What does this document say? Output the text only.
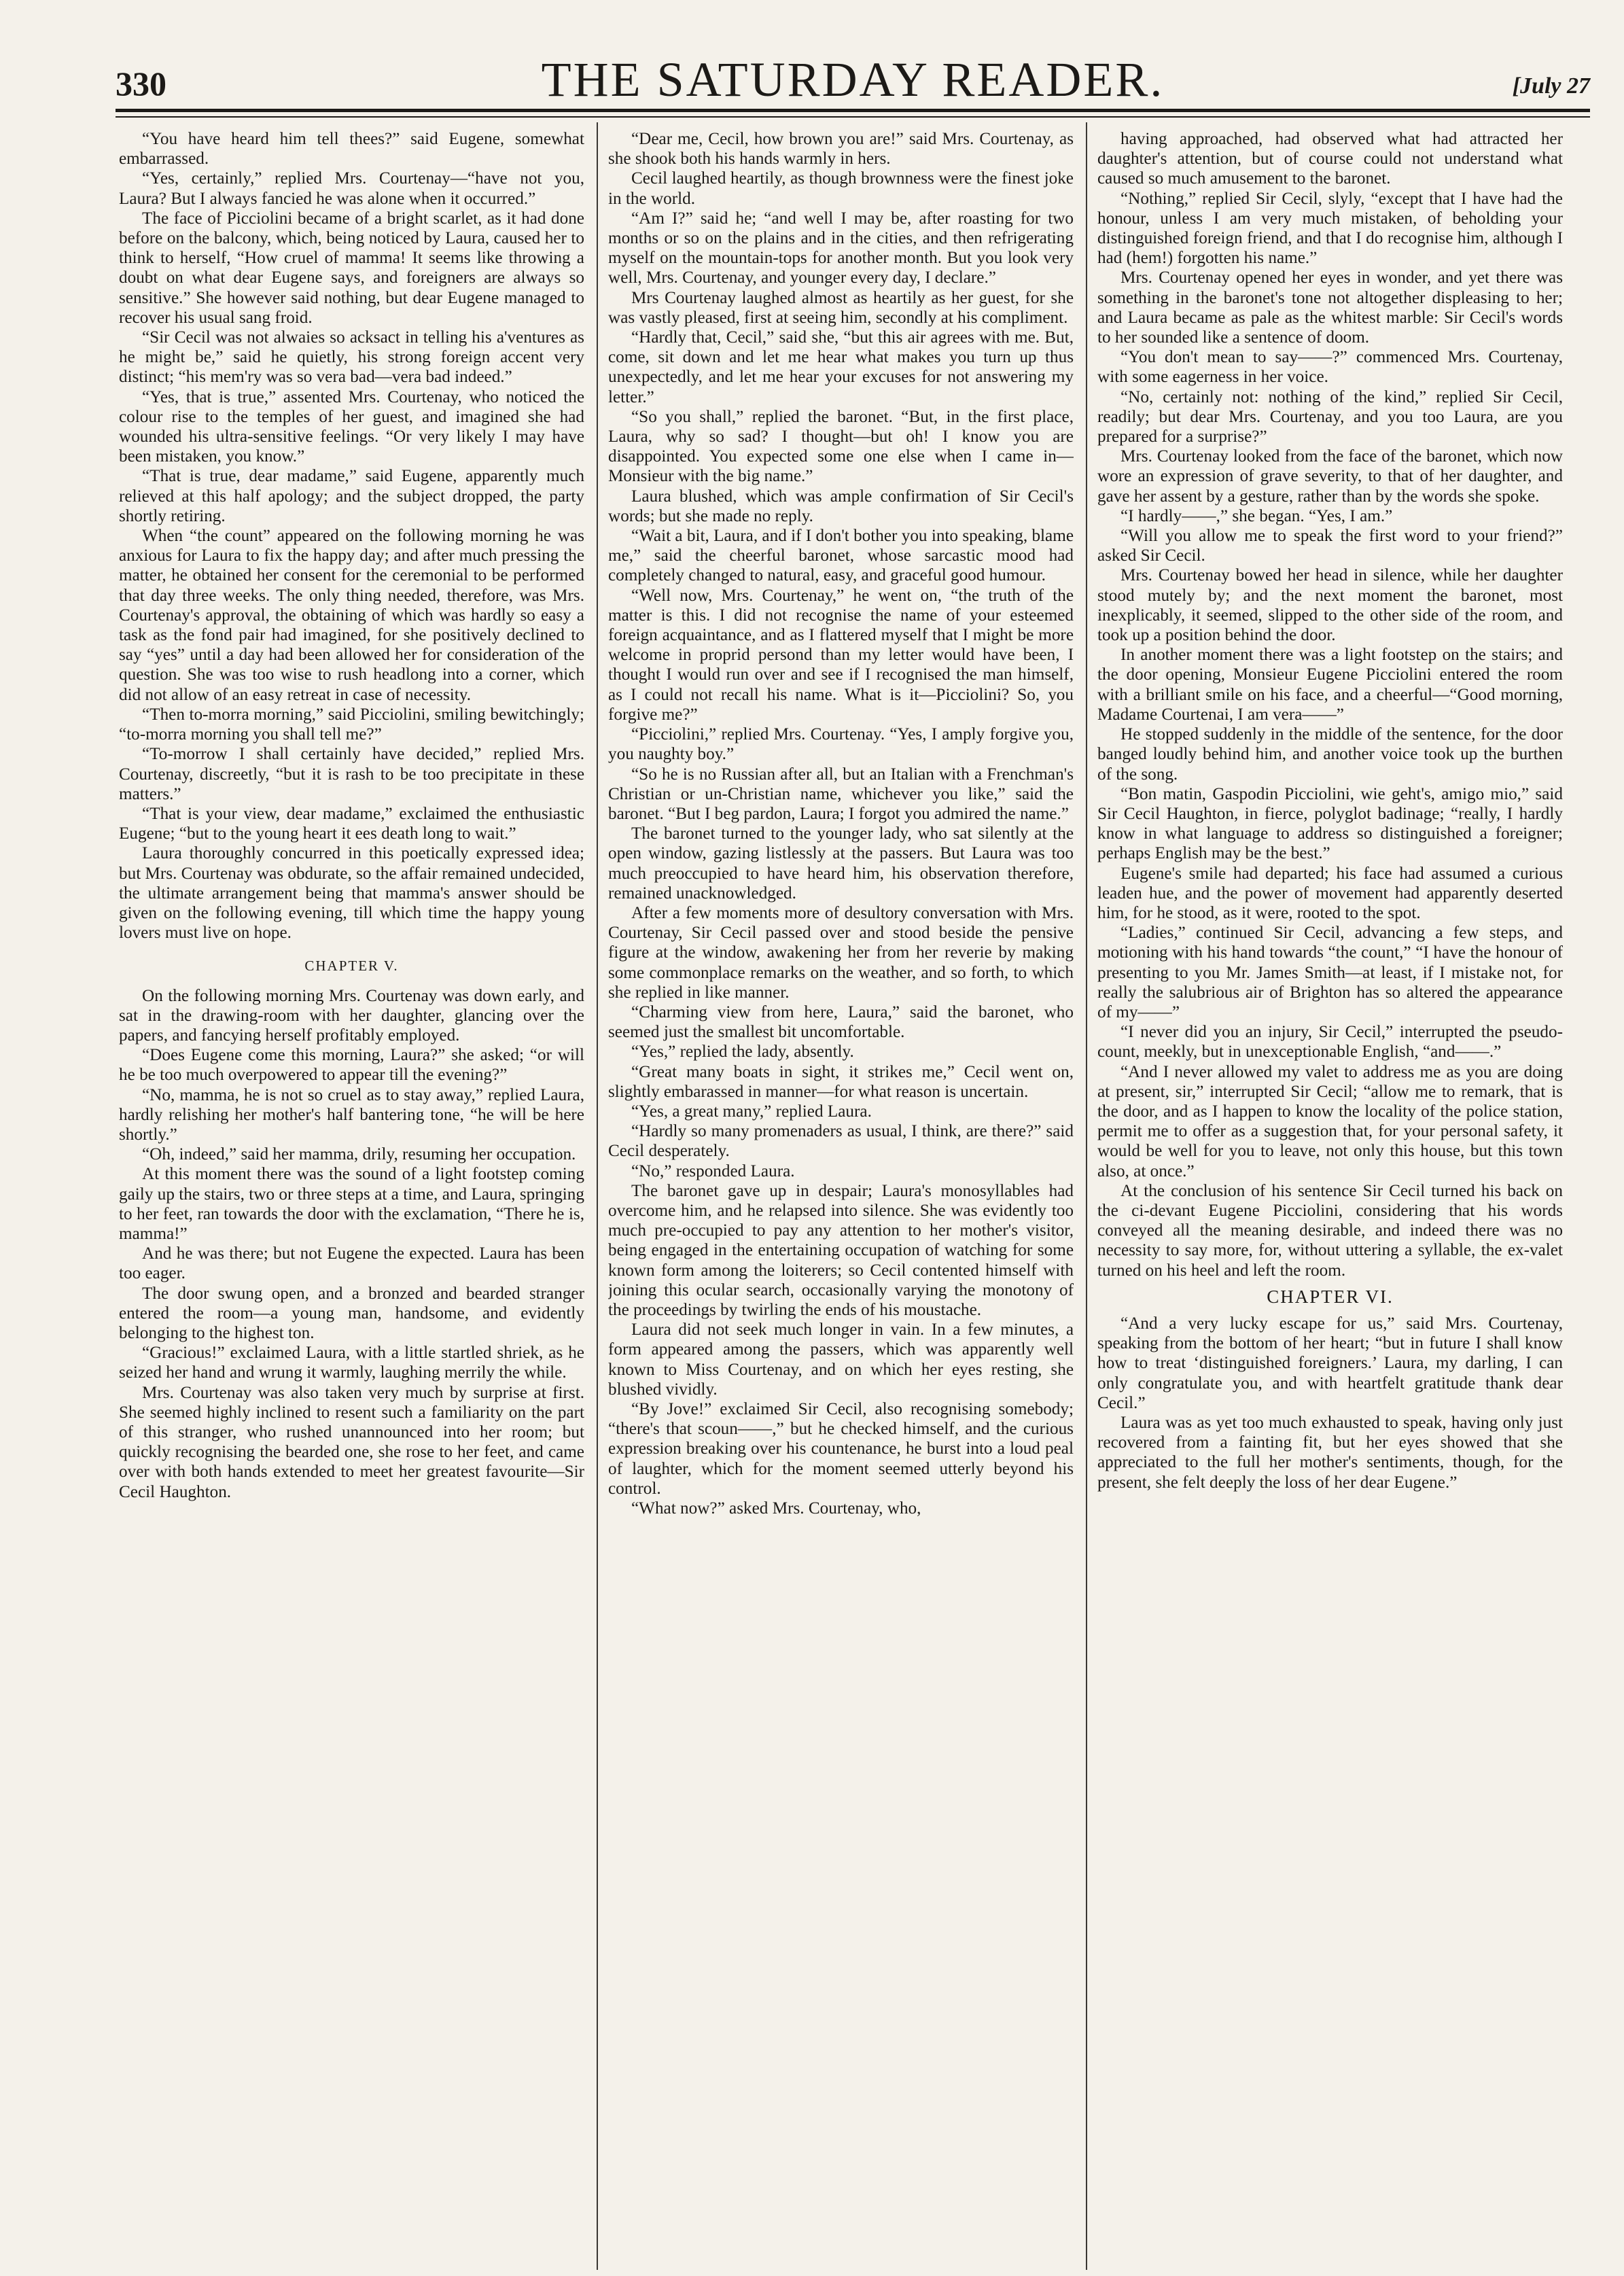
330	THE SATURDAY READER.	[July 27

“You have heard him tell thees?” said Eugene, somewhat embarrassed.

“Yes, certainly,” replied Mrs. Courtenay—“have not you, Laura? But I always fancied he was alone when it occurred.”

The face of Picciolini became of a bright scarlet, as it had done before on the balcony, which, being noticed by Laura, caused her to think to herself, “How cruel of mamma! It seems like throwing a doubt on what dear Eugene says, and foreigners are always so sensitive.” She however said nothing, but dear Eugene managed to recover his usual sang froid.

“Sir Cecil was not alwaies so acksact in telling his a'ventures as he might be,” said he quietly, his strong foreign accent very distinct; “his mem'ry was so vera bad—vera bad indeed.”

“Yes, that is true,” assented Mrs. Courtenay, who noticed the colour rise to the temples of her guest, and imagined she had wounded his ultra-sensitive feelings. “Or very likely I may have been mistaken, you know.”

“That is true, dear madame,” said Eugene, apparently much relieved at this half apology; and the subject dropped, the party shortly retiring.

When “the count” appeared on the following morning he was anxious for Laura to fix the happy day; and after much pressing the matter, he obtained her consent for the ceremonial to be performed that day three weeks. The only thing needed, therefore, was Mrs. Courtenay's approval, the obtaining of which was hardly so easy a task as the fond pair had imagined, for she positively declined to say “yes” until a day had been allowed her for consideration of the question. She was too wise to rush headlong into a corner, which did not allow of an easy retreat in case of necessity.

“Then to-morra morning,” said Picciolini, smiling bewitchingly; “to-morra morning you shall tell me?”

“To-morrow I shall certainly have decided,” replied Mrs. Courtenay, discreetly, “but it is rash to be too precipitate in these matters.”

“That is your view, dear madame,” exclaimed the enthusiastic Eugene; “but to the young heart it ees death long to wait.”

Laura thoroughly concurred in this poetically expressed idea; but Mrs. Courtenay was obdurate, so the affair remained undecided, the ultimate arrangement being that mamma's answer should be given on the following evening, till which time the happy young lovers must live on hope.

CHAPTER V.

On the following morning Mrs. Courtenay was down early, and sat in the drawing-room with her daughter, glancing over the papers, and fancying herself profitably employed.

“Does Eugene come this morning, Laura?” she asked; “or will he be too much overpowered to appear till the evening?”

“No, mamma, he is not so cruel as to stay away,” replied Laura, hardly relishing her mother's half bantering tone, “he will be here shortly.”

“Oh, indeed,” said her mamma, drily, resuming her occupation.

At this moment there was the sound of a light footstep coming gaily up the stairs, two or three steps at a time, and Laura, springing to her feet, ran towards the door with the exclamation, “There he is, mamma!”

And he was there; but not Eugene the expected. Laura has been too eager.

The door swung open, and a bronzed and bearded stranger entered the room—a young man, handsome, and evidently belonging to the highest ton.

“Gracious!” exclaimed Laura, with a little startled shriek, as he seized her hand and wrung it warmly, laughing merrily the while.

Mrs. Courtenay was also taken very much by surprise at first. She seemed highly inclined to resent such a familiarity on the part of this stranger, who rushed unannounced into her room; but quickly recognising the bearded one, she rose to her feet, and came over with both hands extended to meet her greatest favourite—Sir Cecil Haughton.

“Dear me, Cecil, how brown you are!” said Mrs. Courtenay, as she shook both his hands warmly in hers.

Cecil laughed heartily, as though brownness were the finest joke in the world.

“Am I?” said he; “and well I may be, after roasting for two months or so on the plains and in the cities, and then refrigerating myself on the mountain-tops for another month. But you look very well, Mrs. Courtenay, and younger every day, I declare.”

Mrs Courtenay laughed almost as heartily as her guest, for she was vastly pleased, first at seeing him, secondly at his compliment.

“Hardly that, Cecil,” said she, “but this air agrees with me. But, come, sit down and let me hear what makes you turn up thus unexpectedly, and let me hear your excuses for not answering my letter.”

“So you shall,” replied the baronet. “But, in the first place, Laura, why so sad? I thought—but oh! I know you are disappointed. You expected some one else when I came in—Monsieur with the big name.”

Laura blushed, which was ample confirmation of Sir Cecil's words; but she made no reply.

“Wait a bit, Laura, and if I don't bother you into speaking, blame me,” said the cheerful baronet, whose sarcastic mood had completely changed to natural, easy, and graceful good humour.

“Well now, Mrs. Courtenay,” he went on, “the truth of the matter is this. I did not recognise the name of your esteemed foreign acquaintance, and as I flattered myself that I might be more welcome in proprid persond than my letter would have been, I thought I would run over and see if I recognised the man himself, as I could not recall his name. What is it—Picciolini? So, you forgive me?”

“Picciolini,” replied Mrs. Courtenay. “Yes, I amply forgive you, you naughty boy.”

“So he is no Russian after all, but an Italian with a Frenchman's Christian or un-Christian name, whichever you like,” said the baronet. “But I beg pardon, Laura; I forgot you admired the name.”

The baronet turned to the younger lady, who sat silently at the open window, gazing listlessly at the passers. But Laura was too much preoccupied to have heard him, his observation therefore, remained unacknowledged.

After a few moments more of desultory conversation with Mrs. Courtenay, Sir Cecil passed over and stood beside the pensive figure at the window, awakening her from her reverie by making some commonplace remarks on the weather, and so forth, to which she replied in like manner.

“Charming view from here, Laura,” said the baronet, who seemed just the smallest bit uncomfortable.

“Yes,” replied the lady, absently.

“Great many boats in sight, it strikes me,” Cecil went on, slightly embarassed in manner—for what reason is uncertain.

“Yes, a great many,” replied Laura.

“Hardly so many promenaders as usual, I think, are there?” said Cecil desperately.

“No,” responded Laura.

The baronet gave up in despair; Laura's monosyllables had overcome him, and he relapsed into silence. She was evidently too much pre-occupied to pay any attention to her mother's visitor, being engaged in the entertaining occupation of watching for some known form among the loiterers; so Cecil contented himself with joining this ocular search, occasionally varying the monotony of the proceedings by twirling the ends of his moustache.

Laura did not seek much longer in vain. In a few minutes, a form appeared among the passers, which was apparently well known to Miss Courtenay, and on which her eyes resting, she blushed vividly.

“By Jove!” exclaimed Sir Cecil, also recognising somebody; “there's that scoun——,” but he checked himself, and the curious expression breaking over his countenance, he burst into a loud peal of laughter, which for the moment seemed utterly beyond his control.

“What now?” asked Mrs. Courtenay, who,

having approached, had observed what had attracted her daughter's attention, but of course could not understand what caused so much amusement to the baronet.

“Nothing,” replied Sir Cecil, slyly, “except that I have had the honour, unless I am very much mistaken, of beholding your distinguished foreign friend, and that I do recognise him, although I had (hem!) forgotten his name.”

Mrs. Courtenay opened her eyes in wonder, and yet there was something in the baronet's tone not altogether displeasing to her; and Laura became as pale as the whitest marble: Sir Cecil's words to her sounded like a sentence of doom.

“You don't mean to say——?” commenced Mrs. Courtenay, with some eagerness in her voice.

“No, certainly not: nothing of the kind,” replied Sir Cecil, readily; but dear Mrs. Courtenay, and you too Laura, are you prepared for a surprise?”

Mrs. Courtenay looked from the face of the baronet, which now wore an expression of grave severity, to that of her daughter, and gave her assent by a gesture, rather than by the words she spoke.

“I hardly——,” she began. “Yes, I am.”

“Will you allow me to speak the first word to your friend?” asked Sir Cecil.

Mrs. Courtenay bowed her head in silence, while her daughter stood mutely by; and the next moment the baronet, most inexplicably, it seemed, slipped to the other side of the room, and took up a position behind the door.

In another moment there was a light footstep on the stairs; and the door opening, Monsieur Eugene Picciolini entered the room with a brilliant smile on his face, and a cheerful—“Good morning, Madame Courtenai, I am vera——”

He stopped suddenly in the middle of the sentence, for the door banged loudly behind him, and another voice took up the burthen of the song.

“Bon matin, Gaspodin Picciolini, wie geht's, amigo mio,” said Sir Cecil Haughton, in fierce, polyglot badinage; “really, I hardly know in what language to address so distinguished a foreigner; perhaps English may be the best.”

Eugene's smile had departed; his face had assumed a curious leaden hue, and the power of movement had apparently deserted him, for he stood, as it were, rooted to the spot.

“Ladies,” continued Sir Cecil, advancing a few steps, and motioning with his hand towards “the count,” “I have the honour of presenting to you Mr. James Smith—at least, if I mistake not, for really the salubrious air of Brighton has so altered the appearance of my——”

“I never did you an injury, Sir Cecil,” interrupted the pseudo-count, meekly, but in unexceptionable English, “and——.”

“And I never allowed my valet to address me as you are doing at present, sir,” interrupted Sir Cecil; “allow me to remark, that is the door, and as I happen to know the locality of the police station, permit me to offer as a suggestion that, for your personal safety, it would be well for you to leave, not only this house, but this town also, at once.”

At the conclusion of his sentence Sir Cecil turned his back on the ci-devant Eugene Picciolini, considering that his words conveyed all the meaning desirable, and indeed there was no necessity to say more, for, without uttering a syllable, the ex-valet turned on his heel and left the room.

CHAPTER VI.

“And a very lucky escape for us,” said Mrs. Courtenay, speaking from the bottom of her heart; “but in future I shall know how to treat ‘distinguished foreigners.’ Laura, my darling, I can only congratulate you, and with heartfelt gratitude thank dear Cecil.”

Laura was as yet too much exhausted to speak, having only just recovered from a fainting fit, but her eyes showed that she appreciated to the full her mother's sentiments, though, for the present, she felt deeply the loss of her dear Eugene.”
